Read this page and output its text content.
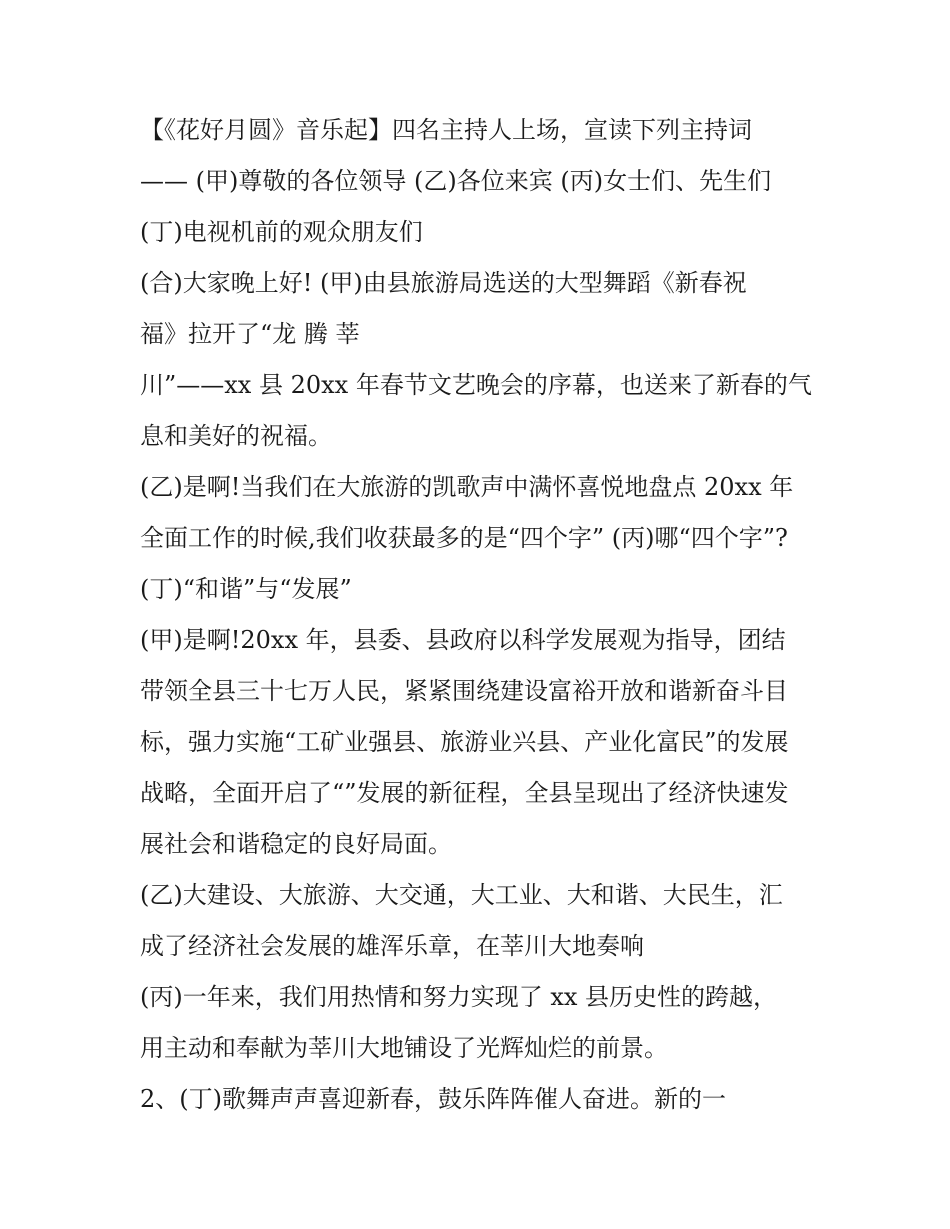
【《花好月圆》音乐起】四名主持人上场，宣读下列主持词
—— (甲)尊敬的各位领导 (乙)各位来宾 (丙)女士们、先生们
(丁)电视机前的观众朋友们
(合)大家晚上好! (甲)由县旅游局选送的大型舞蹈《新春祝
福》拉开了“龙 腾 莘
川”——xx 县 20xx 年春节文艺晚会的序幕，也送来了新春的气
息和美好的祝福。
(乙)是啊!当我们在大旅游的凯歌声中满怀喜悦地盘点 20xx 年
全面工作的时候,我们收获最多的是“四个字” (丙)哪“四个字”?
(丁)“和谐”与“发展”
(甲)是啊!20xx 年，县委、县政府以科学发展观为指导，团结
带领全县三十七万人民，紧紧围绕建设富裕开放和谐新奋斗目
标，强力实施“工矿业强县、旅游业兴县、产业化富民”的发展
战略，全面开启了“”发展的新征程，全县呈现出了经济快速发
展社会和谐稳定的良好局面。
(乙)大建设、大旅游、大交通，大工业、大和谐、大民生，汇
成了经济社会发展的雄浑乐章，在莘川大地奏响
(丙)一年来，我们用热情和努力实现了 xx 县历史性的跨越，
用主动和奉献为莘川大地铺设了光辉灿烂的前景。
2、(丁)歌舞声声喜迎新春，鼓乐阵阵催人奋进。新的一
